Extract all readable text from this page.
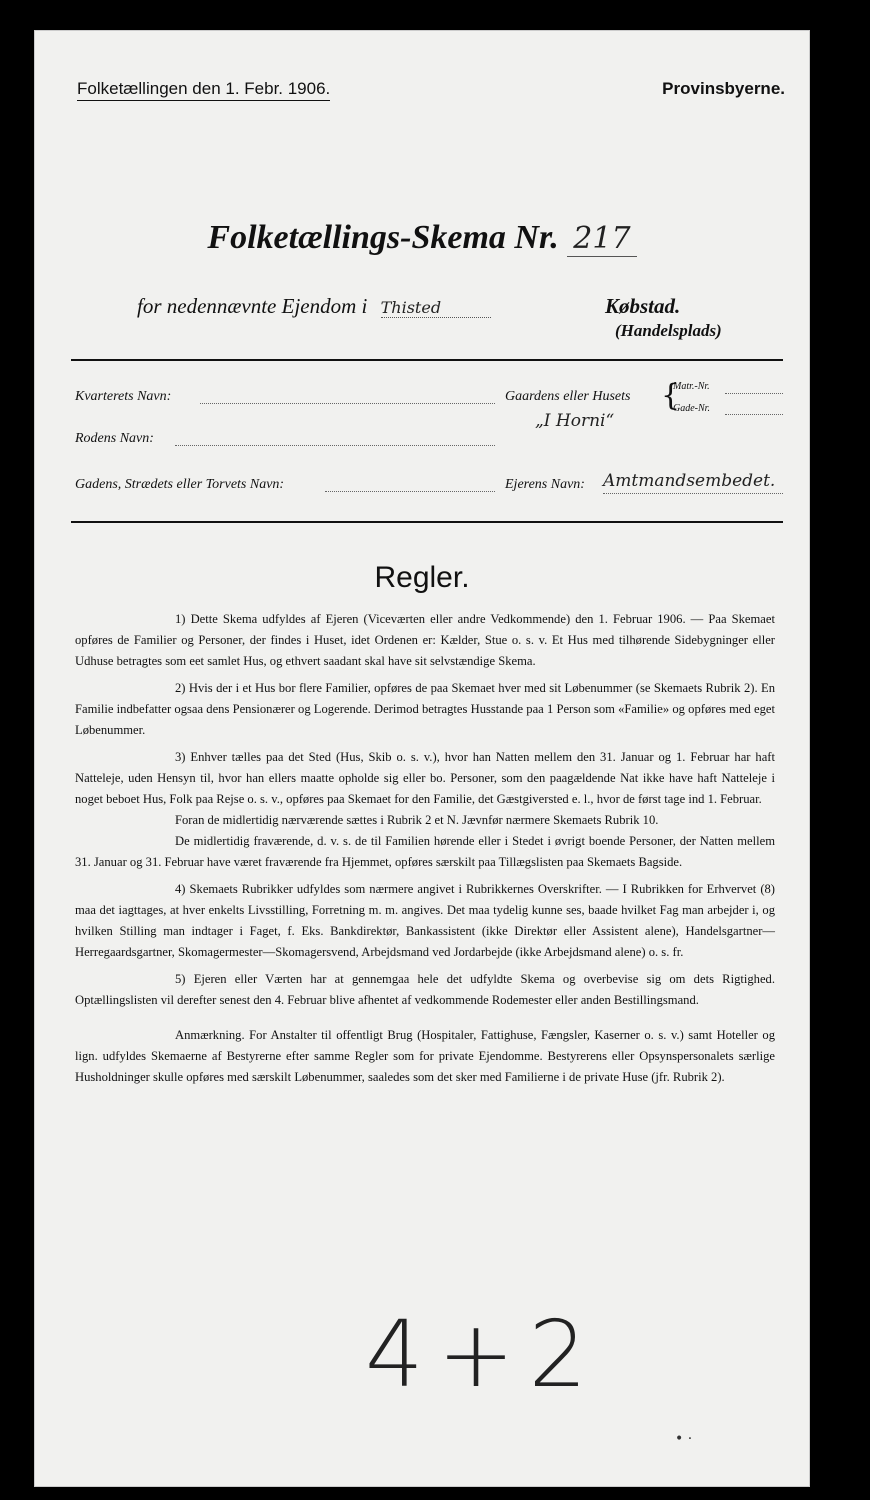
Folketællingen den 1. Febr. 1906.	Provinsbyerne.
Folketællings-Skema Nr. 217
for nedennævnte Ejendom i Thisted	Købstad.
(Handelsplads)
Kvarterets Navn:	Gaardens eller Husets {
Matr.-Nr.
Gade-Nr.
„I Horni“
Rodens Navn:
Gadens, Strædets eller Torvets Navn:	Ejerens Navn: Amtmandsembedet.
Regler.

1) Dette Skema udfyldes af Ejeren (Viceværten eller andre Vedkommende) den 1. Februar 1906. — Paa Skemaet opføres de Familier og Personer, der findes i Huset, idet Ordenen er: Kælder, Stue o. s. v. Et Hus med tilhørende Sidebygninger eller Udhuse betragtes som eet samlet Hus, og ethvert saadant skal have sit selvstændige Skema.

2) Hvis der i et Hus bor flere Familier, opføres de paa Skemaet hver med sit Løbenummer (se Skemaets Rubrik 2). En Familie indbefatter ogsaa dens Pensionærer og Logerende. Derimod betragtes Husstande paa 1 Person som «Familie» og opføres med eget Løbenummer.

3) Enhver tælles paa det Sted (Hus, Skib o. s. v.), hvor han Natten mellem den 31. Januar og 1. Februar har haft Natteleje, uden Hensyn til, hvor han ellers maatte opholde sig eller bo. Personer, som den paagældende Nat ikke have haft Natteleje i noget beboet Hus, Folk paa Rejse o. s. v., opføres paa Skemaet for den Familie, det Gæstgiversted e. l., hvor de først tage ind 1. Februar.

Foran de midlertidig nærværende sættes i Rubrik 2 et N. Jævnfør nærmere Skemaets Rubrik 10.

De midlertidig fraværende, d. v. s. de til Familien hørende eller i Stedet i øvrigt boende Personer, der Natten mellem 31. Januar og 31. Februar have været fraværende fra Hjemmet, opføres særskilt paa Tillægslisten paa Skemaets Bagside.

4) Skemaets Rubrikker udfyldes som nærmere angivet i Rubrikkernes Overskrifter. — I Rubrikken for Erhvervet (8) maa det iagttages, at hver enkelts Livsstilling, Forretning m. m. angives. Det maa tydelig kunne ses, baade hvilket Fag man arbejder i, og hvilken Stilling man indtager i Faget, f. Eks. Bankdirektør, Bankassistent (ikke Direktør eller Assistent alene), Handelsgartner—Herregaardsgartner, Skomagermester—Skomagersvend, Arbejdsmand ved Jordarbejde (ikke Arbejdsmand alene) o. s. fr.

5) Ejeren eller Værten har at gennemgaa hele det udfyldte Skema og overbevise sig om dets Rigtighed. Optællingslisten vil derefter senest den 4. Februar blive afhentet af vedkommende Rodemester eller anden Bestillingsmand.

Anmærkning. For Anstalter til offentligt Brug (Hospitaler, Fattighuse, Fængsler, Kaserner o. s. v.) samt Hoteller og lign. udfyldes Skemaerne af Bestyrerne efter samme Regler som for private Ejendomme. Bestyrerens eller Opsynspersonalets særlige Husholdninger skulle opføres med særskilt Løbenummer, saaledes som det sker med Familierne i de private Huse (jfr. Rubrik 2).

4+2
• ·
